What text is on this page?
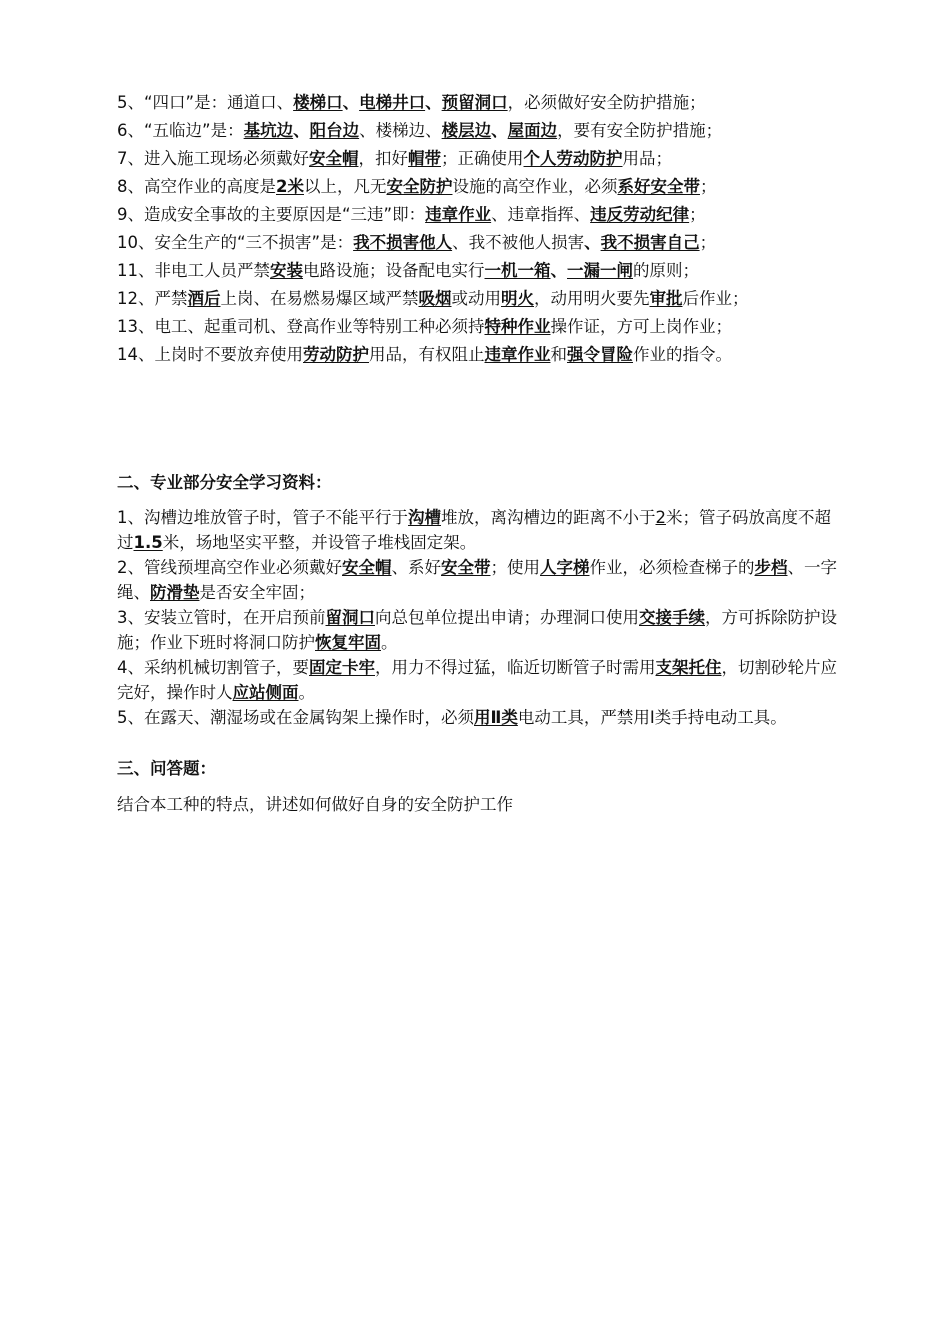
5、“四口”是：通道口、楼梯口、电梯井口、预留洞口，必须做好安全防护措施；
6、“五临边”是：基坑边、阳台边、楼梯边、楼层边、屋面边，要有安全防护措施；
7、进入施工现场必须戴好安全帽，扣好帽带；正确使用个人劳动防护用品；
8、高空作业的高度是2米以上，凡无安全防护设施的高空作业，必须系好安全带；
9、造成安全事故的主要原因是“三违”即：违章作业、违章指挥、违反劳动纪律；
10、安全生产的“三不损害”是：我不损害他人、我不被他人损害、我不损害自己；
11、非电工人员严禁安装电路设施；设备配电实行一机一箱、一漏一闸的原则；
12、严禁酒后上岗、在易燃易爆区域严禁吸烟或动用明火，动用明火要先审批后作业；
13、电工、起重司机、登高作业等特别工种必须持特种作业操作证，方可上岗作业；
14、上岗时不要放弃使用劳动防护用品，有权阻止违章作业和强令冒险作业的指令。
二、专业部分安全学习资料：
1、沟槽边堆放管子时，管子不能平行于沟槽堆放，离沟槽边的距离不小于2米；管子码放高度不超过1.5米，场地坚实平整，并设管子堆栈固定架。
2、管线预埋高空作业必须戴好安全帽、系好安全带；使用人字梯作业，必须检查梯子的步档、一字绳、防滑垫是否安全牢固；
3、安装立管时，在开启预前留洞口向总包单位提出申请；办理洞口使用交接手续，方可拆除防护设施；作业下班时将洞口防护恢复牢固。
4、采纳机械切割管子，要固定卡牢，用力不得过猛，临近切断管子时需用支架托住，切割砂轮片应完好，操作时人应站侧面。
5、在露天、潮湿场或在金属钩架上操作时，必须用Ⅱ类电动工具，严禁用Ⅰ类手持电动工具。
三、问答题：
结合本工种的特点，讲述如何做好自身的安全防护工作
